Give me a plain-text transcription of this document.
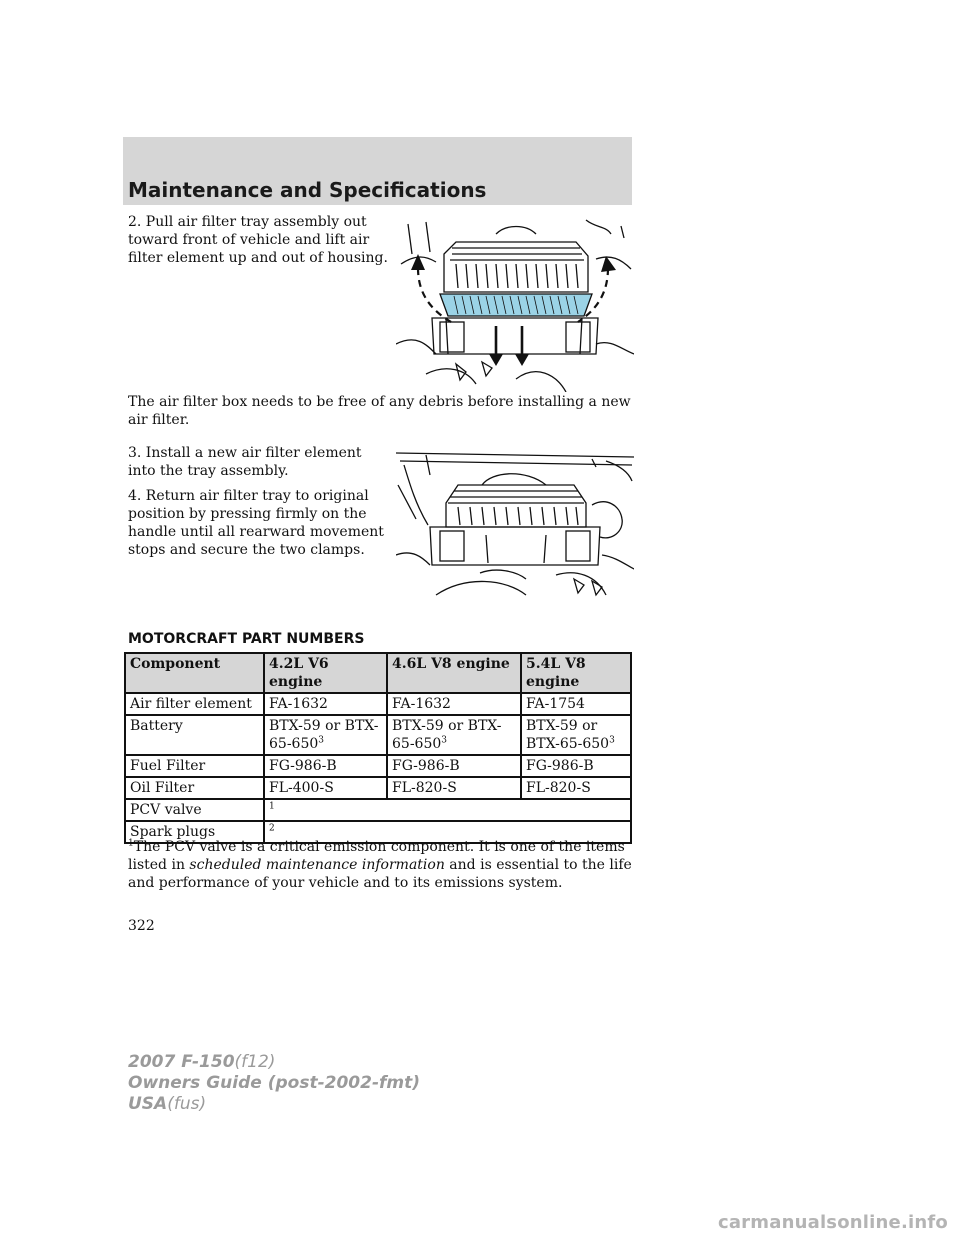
Maintenance and Specifications

2. Pull air filter tray assembly out toward front of vehicle and lift air filter element up and out of housing.

The air filter box needs to be free of any debris before installing a new air filter.

3. Install a new air filter element into the tray assembly.

4. Return air filter tray to original position by pressing firmly on the handle until all rearward movement stops and secure the two clamps.

MOTORCRAFT PART NUMBERS
Component	4.2L V6 engine	4.6L V8 engine	5.4L V8 engine
Air filter element	FA-1632	FA-1632	FA-1754
Battery	BTX-59 or BTX-$65-650^3$	BTX-59 or BTX-$65-650^3$	BTX-59 or BTX-$65-650^3$
Fuel Filter	FG-986-B	FG-986-B	FG-986-B
Oil Filter	FL-400-S	FL-820-S	FL-820-S
PCV valve	$^1$
Spark plugs	$^2$

$^1$The PCV valve is a critical emission component. It is one of the items listed in scheduled maintenance information and is essential to the life and performance of your vehicle and to its emissions system.

322

2007 F-150(f12)
Owners Guide (post-2002-fmt)
USA(fus)

carmanualsonline.info
